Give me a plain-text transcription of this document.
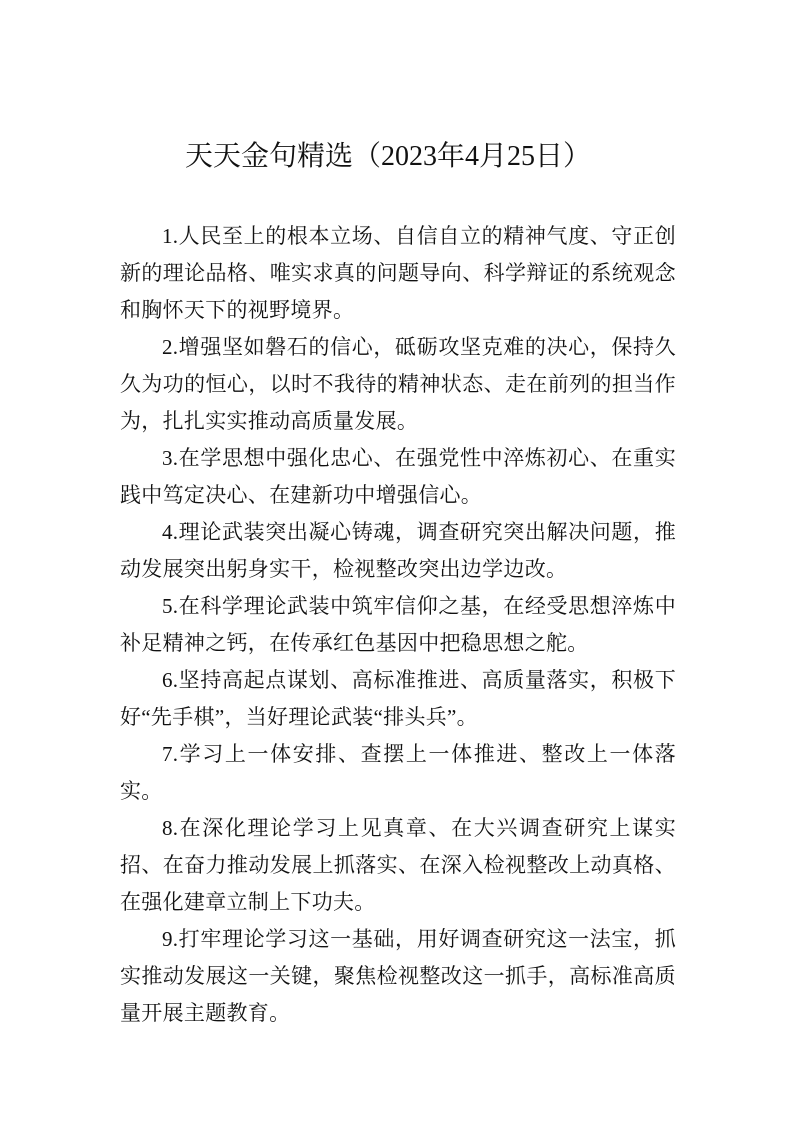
天天金句精选（2023年4月25日）

1.人民至上的根本立场、自信自立的精神气度、守正创新的理论品格、唯实求真的问题导向、科学辩证的系统观念和胸怀天下的视野境界。

2.增强坚如磐石的信心，砥砺攻坚克难的决心，保持久久为功的恒心，以时不我待的精神状态、走在前列的担当作为，扎扎实实推动高质量发展。

3.在学思想中强化忠心、在强党性中淬炼初心、在重实践中笃定决心、在建新功中增强信心。

4.理论武装突出凝心铸魂，调查研究突出解决问题，推动发展突出躬身实干，检视整改突出边学边改。

5.在科学理论武装中筑牢信仰之基，在经受思想淬炼中补足精神之钙，在传承红色基因中把稳思想之舵。

6.坚持高起点谋划、高标准推进、高质量落实，积极下好“先手棋”，当好理论武装“排头兵”。

7.学习上一体安排、查摆上一体推进、整改上一体落实。

8.在深化理论学习上见真章、在大兴调查研究上谋实招、在奋力推动发展上抓落实、在深入检视整改上动真格、在强化建章立制上下功夫。

9.打牢理论学习这一基础，用好调查研究这一法宝，抓实推动发展这一关键，聚焦检视整改这一抓手，高标准高质量开展主题教育。
